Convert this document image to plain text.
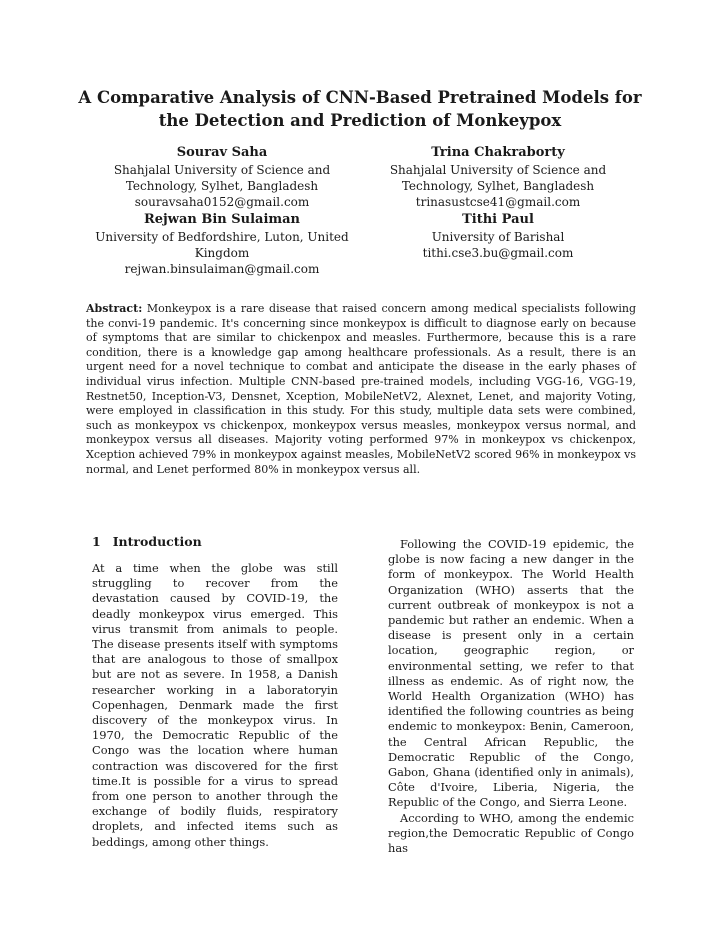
A Comparative Analysis of CNN-Based Pretrained Models for
the Detection and Prediction of Monkeypox
Sourav Saha
Shahjalal University of Science and
Technology, Sylhet, Bangladesh
souravsaha0152@gmail.com
Trina Chakraborty
Shahjalal University of Science and
Technology, Sylhet, Bangladesh
trinasustcse41@gmail.com
Rejwan Bin Sulaiman
University of Bedfordshire, Luton, United
Kingdom
rejwan.binsulaiman@gmail.com
Tithi Paul
University of Barishal
tithi.cse3.bu@gmail.com
Abstract: Monkeypox is a rare disease that raised concern among medical specialists following the convi-19 pandemic. It's concerning since monkeypox is difficult to diagnose early on because of symptoms that are similar to chickenpox and measles. Furthermore, because this is a rare condition, there is a knowledge gap among healthcare professionals. As a result, there is an urgent need for a novel technique to combat and anticipate the disease in the early phases of individual virus infection. Multiple CNN-based pre-trained models, including VGG-16, VGG-19, Restnet50, Inception-V3, Densnet, Xception, MobileNetV2, Alexnet, Lenet, and majority Voting, were employed in classification in this study. For this study, multiple data sets were combined, such as monkeypox vs chickenpox, monkeypox versus measles, monkeypox versus normal, and monkeypox versus all diseases. Majority voting performed 97% in monkeypox vs chickenpox, Xception achieved 79% in monkeypox against measles, MobileNetV2 scored 96% in monkeypox vs normal, and Lenet performed 80% in monkeypox versus all.
1 Introduction

At a time when the globe was still struggling to recover from the devastation caused by COVID-19, the deadly monkeypox virus emerged. This virus transmit from animals to people. The disease presents itself with symptoms that are analogous to those of smallpox but are not as severe. In 1958, a Danish researcher working in a laboratoryin Copenhagen, Denmark made the first discovery of the monkeypox virus. In 1970, the Democratic Republic of the Congo was the location where human contraction was discovered for the first time.It is possible for a virus to spread from one person to another through the exchange of bodily fluids, respiratory droplets, and infected items such as beddings, among other things.

Following the COVID-19 epidemic, the globe is now facing a new danger in the form of monkeypox. The World Health Organization (WHO) asserts that the current outbreak of monkeypox is not a pandemic but rather an endemic. When a disease is present only in a certain location, geographic region, or environmental setting, we refer to that illness as endemic. As of right now, the World Health Organization (WHO) has identified the following countries as being endemic to monkeypox: Benin, Cameroon, the Central African Republic, the Democratic Republic of the Congo, Gabon, Ghana (identified only in animals), Côte d'Ivoire, Liberia, Nigeria, the Republic of the Congo, and Sierra Leone.

According to WHO, among the endemic region,the Democratic Republic of Congo has
